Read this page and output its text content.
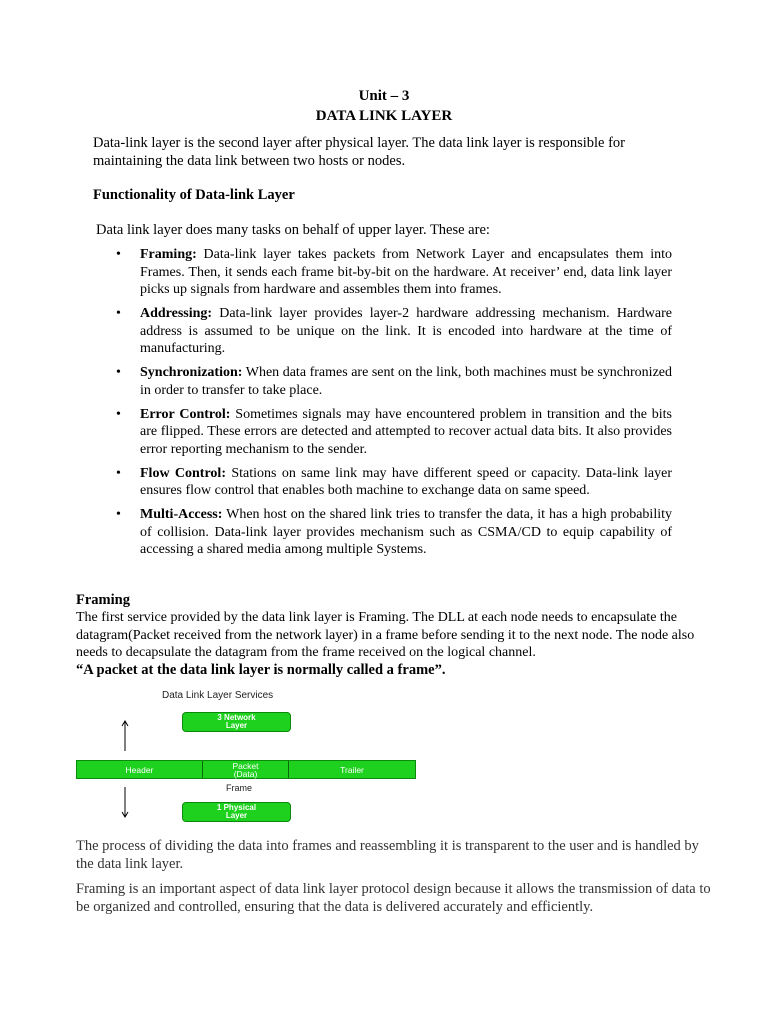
Unit – 3
DATA LINK LAYER
Data-link layer is the second layer after physical layer. The data link layer is responsible for maintaining the data link between two hosts or nodes.
Functionality of Data-link Layer
Data link layer does many tasks on behalf of upper layer. These are:
• Framing: Data-link layer takes packets from Network Layer and encapsulates them into Frames. Then, it sends each frame bit-by-bit on the hardware. At receiver’ end, data link layer picks up signals from hardware and assembles them into frames.
• Addressing: Data-link layer provides layer-2 hardware addressing mechanism. Hardware address is assumed to be unique on the link. It is encoded into hardware at the time of manufacturing.
• Synchronization: When data frames are sent on the link, both machines must be synchronized in order to transfer to take place.
• Error Control: Sometimes signals may have encountered problem in transition and the bits are flipped. These errors are detected and attempted to recover actual data bits. It also provides error reporting mechanism to the sender.
• Flow Control: Stations on same link may have different speed or capacity. Data-link layer ensures flow control that enables both machine to exchange data on same speed.
• Multi-Access: When host on the shared link tries to transfer the data, it has a high probability of collision. Data-link layer provides mechanism such as CSMA/CD to equip capability of accessing a shared media among multiple Systems.
Framing
The first service provided by the data link layer is Framing. The DLL at each node needs to encapsulate the datagram(Packet received from the network layer) in a frame before sending it to the next node. The node also needs to decapsulate the datagram from the frame received on the logical channel.
“A packet at the data link layer is normally called a frame”.
Data Link Layer Services
3 Network
Layer
Header	Packet
(Data)	Trailer
Frame
1 Physical
Layer
The process of dividing the data into frames and reassembling it is transparent to the user and is handled by the data link layer.
Framing is an important aspect of data link layer protocol design because it allows the transmission of data to be organized and controlled, ensuring that the data is delivered accurately and efficiently.
